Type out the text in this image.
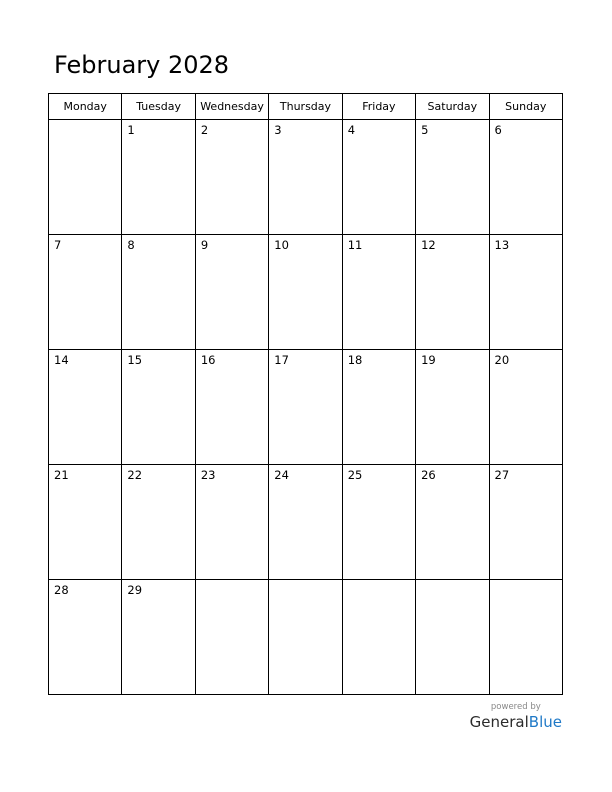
February 2028
Monday	Tuesday	Wednesday	Thursday	Friday	Saturday	Sunday

	1	2	3	4	5	6

7	8	9	10	11	12	13

14	15	16	17	18	19	20

21	22	23	24	25	26	27

28	29					

powered by
GeneralBlue
